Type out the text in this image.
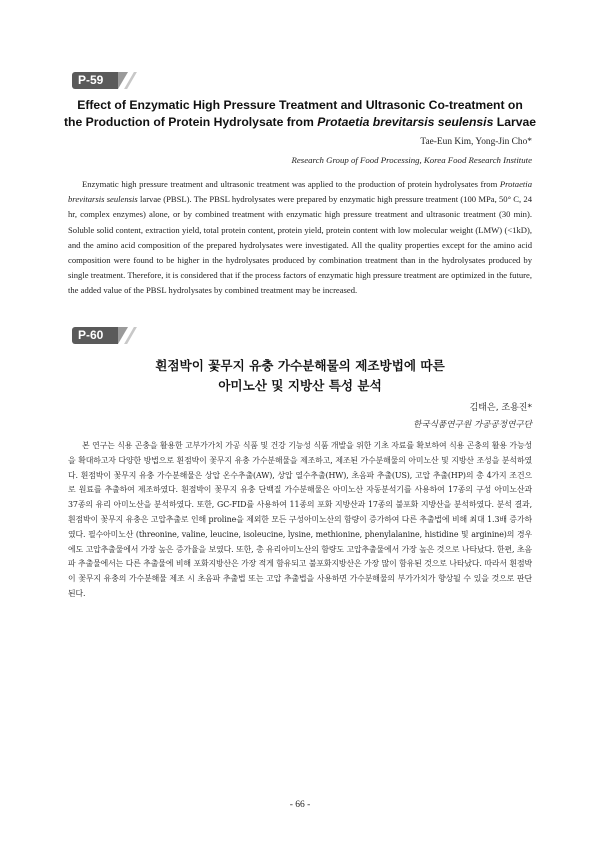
P-59
Effect of Enzymatic High Pressure Treatment and Ultrasonic Co-treatment on
the Production of Protein Hydrolysate from Protaetia brevitarsis seulensis Larvae
Tae-Eun Kim, Yong-Jin Cho*
Research Group of Food Processing, Korea Food Research Institute

Enzymatic high pressure treatment and ultrasonic treatment was applied to the production of protein hydrolysates from Protaetia brevitarsis seulensis larvae (PBSL). The PBSL hydrolysates were prepared by enzymatic high pressure treatment (100 MPa, 50° C, 24 hr, complex enzymes) alone, or by combined treatment with enzymatic high pressure treatment and ultrasonic treatment (30 min). Soluble solid content, extraction yield, total protein content, protein yield, protein content with low molecular weight (LMW) (<1kD), and the amino acid composition of the prepared hydrolysates were investigated. All the quality properties except for the amino acid composition were found to be higher in the hydrolysates produced by combination treatment than in the hydrolysates produced by single treatment. Therefore, it is considered that if the process factors of enzymatic high pressure treatment are optimized in the future, the added value of the PBSL hydrolysates by combined treatment may be increased.

P-60
흰점박이 꽃무지 유충 가수분해물의 제조방법에 따른
아미노산 및 지방산 특성 분석
김태은, 조용진*
한국식품연구원 가공공정연구단

본 연구는 식용 곤충을 활용한 고부가가치 가공 식품 및 건강 기능성 식품 개발을 위한 기초 자료를 확보하여 식용 곤충의 활용 가능성을 확대하고자 다양한 방법으로 흰점박이 꽃무지 유충 가수분해물을 제조하고, 제조된 가수분해물의 아미노산 및 지방산 조성을 분석하였다. 흰점박이 꽃무지 유충 가수분해물은 상압 온수추출(AW), 상압 열수추출(HW), 초음파 추출(US), 고압 추출(HP)의 총 4가지 조건으로 원료를 추출하여 제조하였다. 흰점박이 꽃무지 유충 단백질 가수분해물은 아미노산 자동분석기를 사용하여 17종의 구성 아미노산과 37종의 유리 아미노산을 분석하였다. 또한, GC-FID를 사용하여 11종의 포화 지방산과 17종의 불포화 지방산을 분석하였다. 분석 결과, 흰점박이 꽃무지 유충은 고압추출로 인해 proline을 제외한 모든 구성아미노산의 함량이 증가하여 다른 추출법에 비해 최대 1.3배 증가하였다. 필수아미노산 (threonine, valine, leucine, isoleucine, lysine, methionine, phenylalanine, histidine 및 arginine)의 경우에도 고압추출물에서 가장 높은 증가율을 보였다. 또한, 총 유리아미노산의 함량도 고압추출물에서 가장 높은 것으로 나타났다. 한편, 초음파 추출물에서는 다른 추출물에 비해 포화지방산은 가장 적게 함유되고 불포화지방산은 가장 많이 함유된 것으로 나타났다. 따라서 흰점박이 꽃무지 유충의 가수분해물 제조 시 초음파 추출법 또는 고압 추출법을 사용하면 가수분해물의 부가가치가 향상될 수 있을 것으로 판단된다.

- 66 -
